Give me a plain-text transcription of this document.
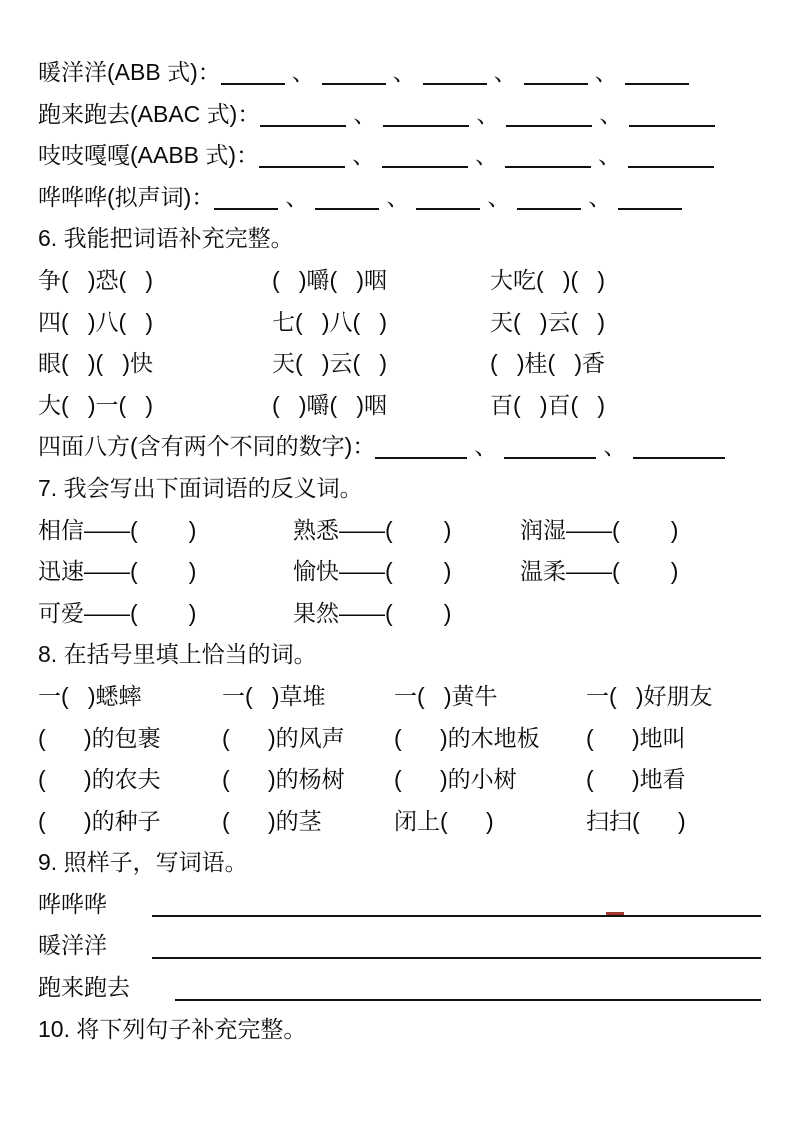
暖洋洋(ABB 式)：	、	、	、	、
跑来跑去(ABAC 式)：	、	、	、
吱吱嘎嘎(AABB 式)：	、	、	、
哗哗哗(拟声词)：	、	、	、	、
6. 我能把词语补充完整。
争(   )恐(   )	(   )嚼(   )咽	大吃(   )(   )
四(   )八(   )	七(   )八(   )	天(   )云(   )
眼(   )(   )快	天(   )云(   )	(   )桂(   )香
大(   )一(   )	(   )嚼(   )咽	百(   )百(   )
四面八方(含有两个不同的数字)：	、	、
7. 我会写出下面词语的反义词。
相信——(        )	熟悉——(        )	润湿——(        )
迅速——(        )	愉快——(        )	温柔——(        )
可爱——(        )	果然——(        )
8. 在括号里填上恰当的词。
一(   )蟋蟀	一(   )草堆	一(   )黄牛	一(   )好朋友
(      )的包裹	(      )的风声	(      )的木地板	(      )地叫
(      )的农夫	(      )的杨树	(      )的小树	(      )地看
(      )的种子	(      )的茎	闭上(      )	扫扫(      )
9. 照样子，写词语。
哗哗哗
暖洋洋
跑来跑去
10. 将下列句子补充完整。
